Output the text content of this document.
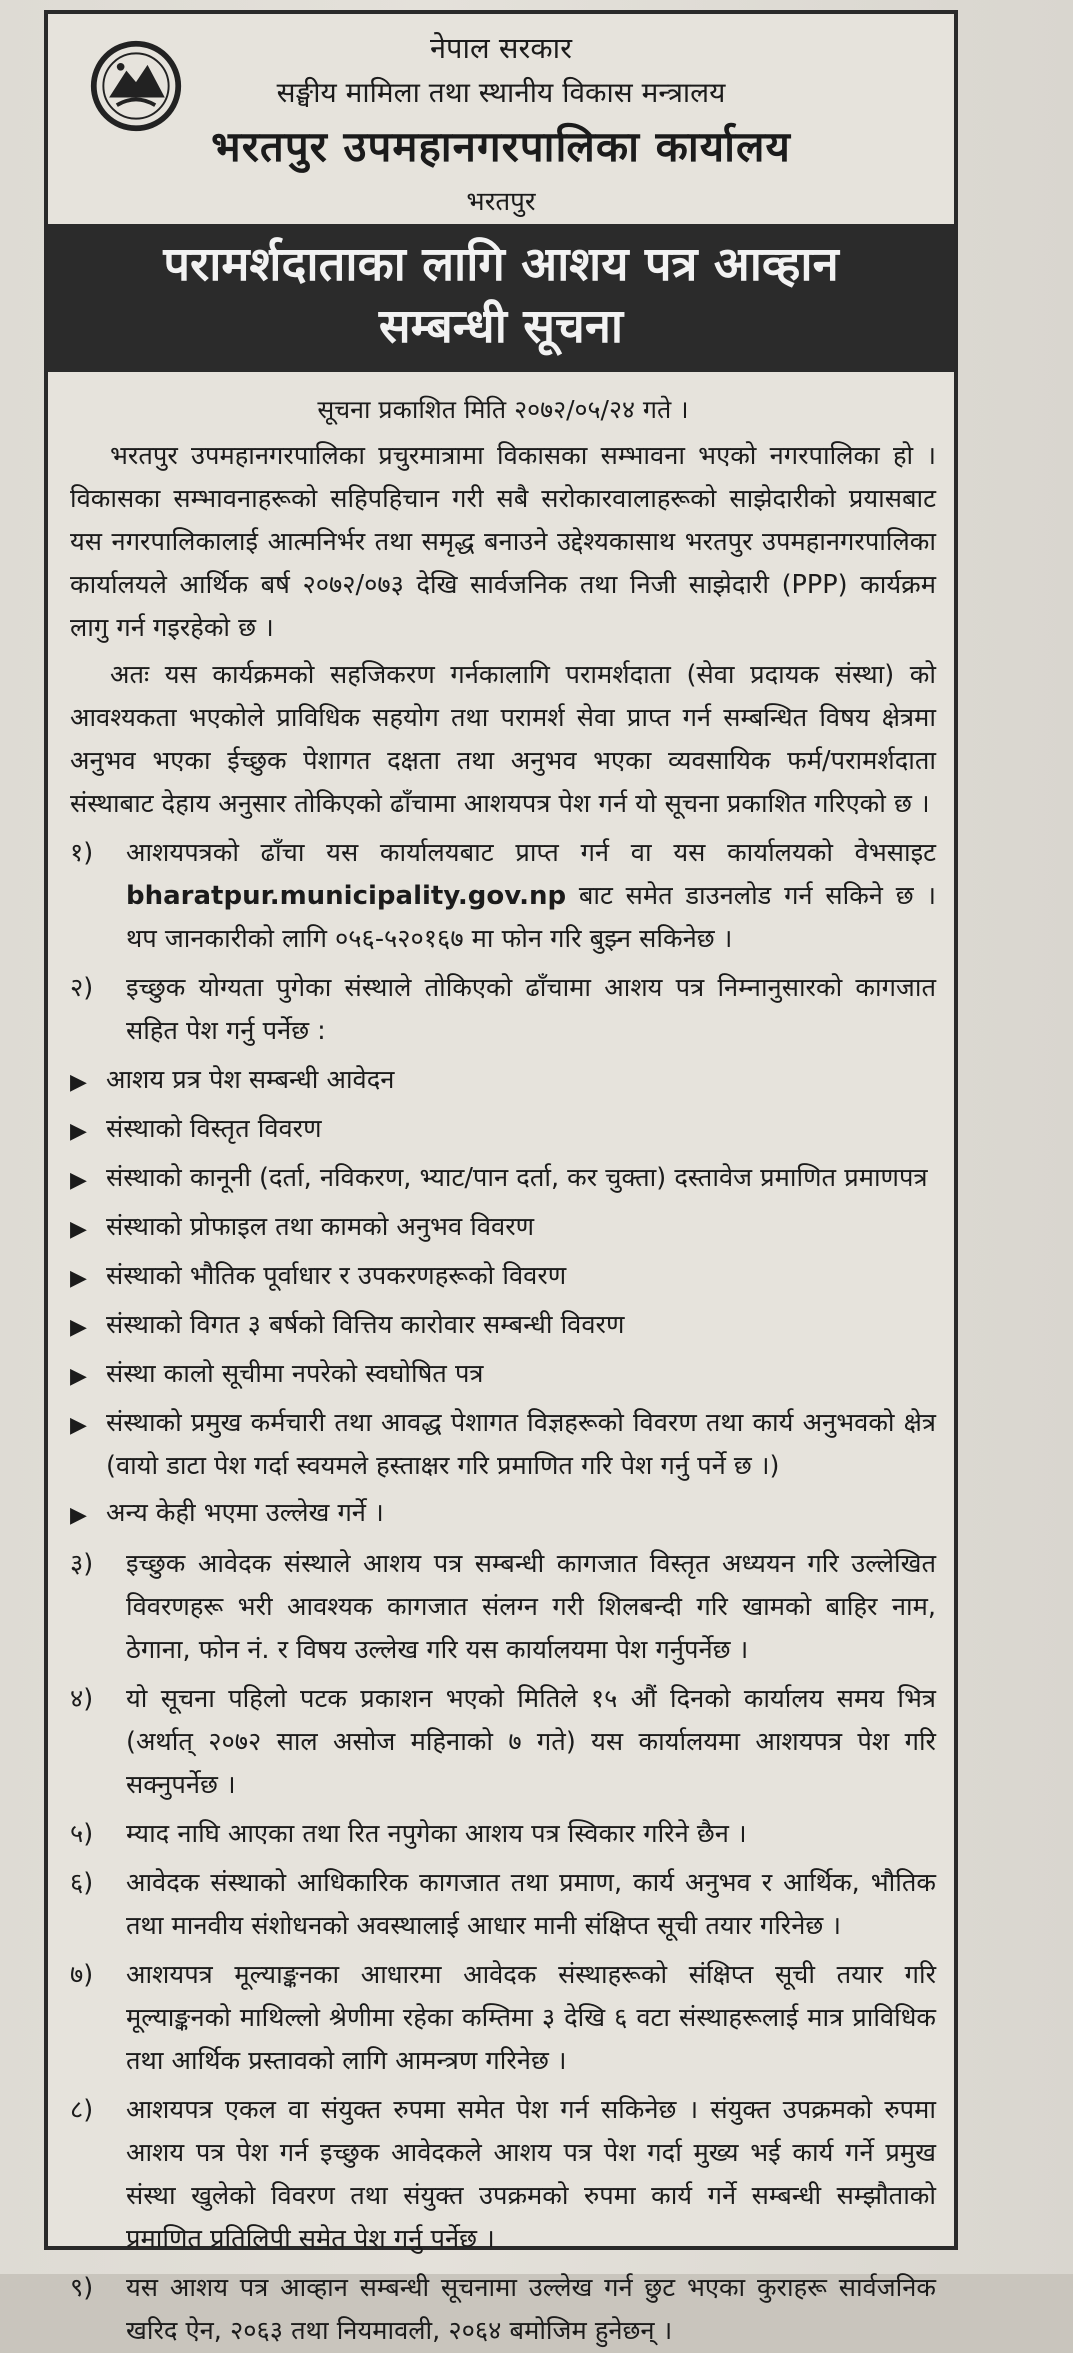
नेपाल सरकार
सङ्घीय मामिला तथा स्थानीय विकास मन्त्रालय
भरतपुर उपमहानगरपालिका कार्यालय
भरतपुर
परामर्शदाताका लागि आशय पत्र आव्हान
सम्बन्धी सूचना
सूचना प्रकाशित मिति २०७२/०५/२४ गते ।

भरतपुर उपमहानगरपालिका प्रचुरमात्रामा विकासका सम्भावना भएको नगरपालिका हो । विकासका सम्भावनाहरूको सहिपहिचान गरी सबै सरोकारवालाहरूको साझेदारीको प्रयासबाट यस नगरपालिकालाई आत्मनिर्भर तथा समृद्ध बनाउने उद्देश्यकासाथ भरतपुर उपमहानगरपालिका कार्यालयले आर्थिक बर्ष २०७२/०७३ देखि सार्वजनिक तथा निजी साझेदारी (PPP) कार्यक्रम लागु गर्न गइरहेको छ ।

अतः यस कार्यक्रमको सहजिकरण गर्नकालागि परामर्शदाता (सेवा प्रदायक संस्था) को आवश्यकता भएकोले प्राविधिक सहयोग तथा परामर्श सेवा प्राप्त गर्न सम्बन्धित विषय क्षेत्रमा अनुभव भएका ईच्छुक पेशागत दक्षता तथा अनुभव भएका व्यवसायिक फर्म/परामर्शदाता संस्थाबाट देहाय अनुसार तोकिएको ढाँचामा आशयपत्र पेश गर्न यो सूचना प्रकाशित गरिएको छ ।

१)	आशयपत्रको ढाँचा यस कार्यालयबाट प्राप्त गर्न वा यस कार्यालयको वेभसाइट bharatpur.municipality.gov.np बाट समेत डाउनलोड गर्न सकिने छ । थप जानकारीको लागि ०५६-५२०१६७ मा फोन गरि बुझ्न सकिनेछ ।
२)	इच्छुक योग्यता पुगेका संस्थाले तोकिएको ढाँचामा आशय पत्र निम्नानुसारको कागजात सहित पेश गर्नु पर्नेछ :
▶ आशय प्रत्र पेश सम्बन्धी आवेदन
▶ संस्थाको विस्तृत विवरण
▶ संस्थाको कानूनी (दर्ता, नविकरण, भ्याट/पान दर्ता, कर चुक्ता) दस्तावेज प्रमाणित प्रमाणपत्र
▶ संस्थाको प्रोफाइल तथा कामको अनुभव विवरण
▶ संस्थाको भौतिक पूर्वाधार र उपकरणहरूको विवरण
▶ संस्थाको विगत ३ बर्षको वित्तिय कारोवार सम्बन्धी विवरण
▶ संस्था कालो सूचीमा नपरेको स्वघोषित पत्र
▶ संस्थाको प्रमुख कर्मचारी तथा आवद्ध पेशागत विज्ञहरूको विवरण तथा कार्य अनुभवको क्षेत्र (वायो डाटा पेश गर्दा स्वयमले हस्ताक्षर गरि प्रमाणित गरि पेश गर्नु पर्ने छ ।)
▶ अन्य केही भएमा उल्लेख गर्ने ।
३)	इच्छुक आवेदक संस्थाले आशय पत्र सम्बन्धी कागजात विस्तृत अध्ययन गरि उल्लेखित विवरणहरू भरी आवश्यक कागजात संलग्न गरी शिलबन्दी गरि खामको बाहिर नाम, ठेगाना, फोन नं. र विषय उल्लेख गरि यस कार्यालयमा पेश गर्नुपर्नेछ ।
४)	यो सूचना पहिलो पटक प्रकाशन भएको मितिले १५ औं दिनको कार्यालय समय भित्र (अर्थात् २०७२ साल असोज महिनाको ७ गते) यस कार्यालयमा आशयपत्र पेश गरि सक्नुपर्नेछ ।
५)	म्याद नाघि आएका तथा रित नपुगेका आशय पत्र स्विकार गरिने छैन ।
६)	आवेदक संस्थाको आधिकारिक कागजात तथा प्रमाण, कार्य अनुभव र आर्थिक, भौतिक तथा मानवीय संशोधनको अवस्थालाई आधार मानी संक्षिप्त सूची तयार गरिनेछ ।
७)	आशयपत्र मूल्याङ्कनका आधारमा आवेदक संस्थाहरूको संक्षिप्त सूची तयार गरि मूल्याङ्कनको माथिल्लो श्रेणीमा रहेका कम्तिमा ३ देखि ६ वटा संस्थाहरूलाई मात्र प्राविधिक तथा आर्थिक प्रस्तावको लागि आमन्त्रण गरिनेछ ।
८)	आशयपत्र एकल वा संयुक्त रुपमा समेत पेश गर्न सकिनेछ । संयुक्त उपक्रमको रुपमा आशय पत्र पेश गर्न इच्छुक आवेदकले आशय पत्र पेश गर्दा मुख्य भई कार्य गर्ने प्रमुख संस्था खुलेको विवरण तथा संयुक्त उपक्रमको रुपमा कार्य गर्ने सम्बन्धी सम्झौताको प्रमाणित प्रतिलिपी समेत पेश गर्नु पर्नेछ ।
९)	यस आशय पत्र आव्हान सम्बन्धी सूचनामा उल्लेख गर्न छुट भएका कुराहरू सार्वजनिक खरिद ऐन, २०६३ तथा नियमावली, २०६४ बमोजिम हुनेछन् ।
